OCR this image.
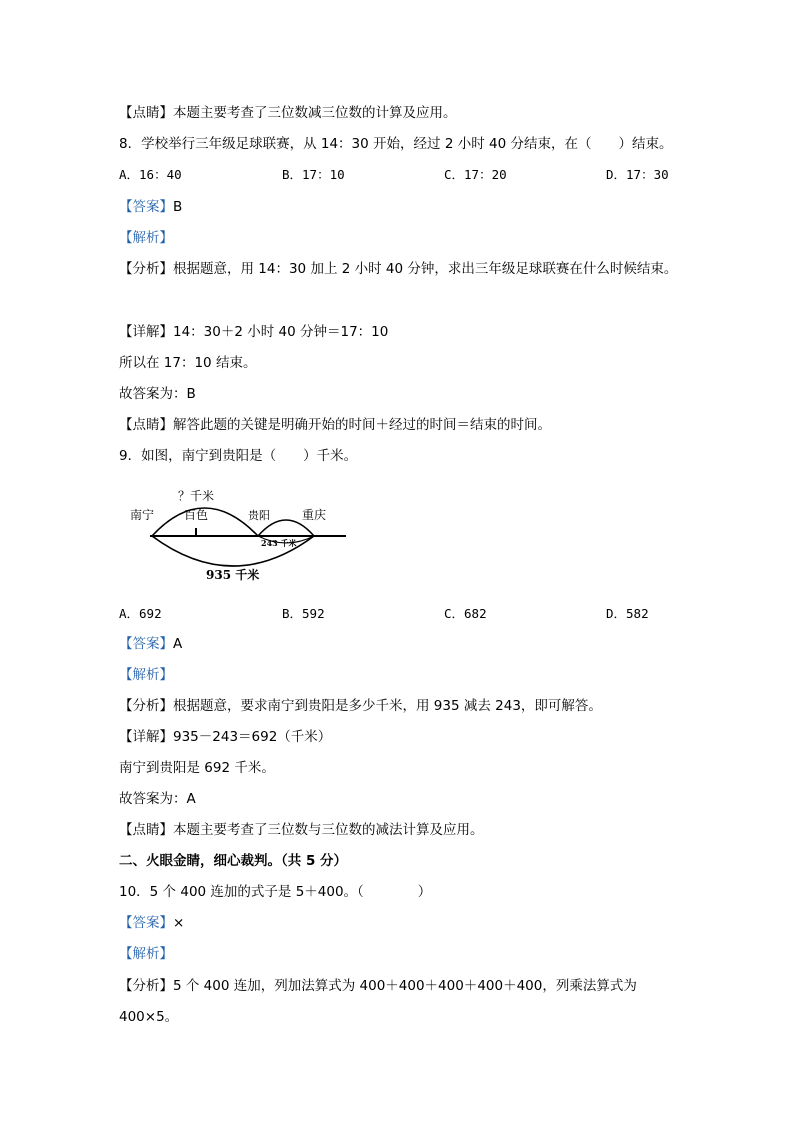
【点睛】本题主要考查了三位数减三位数的计算及应用。
8．学校举行三年级足球联赛，从 14：30 开始，经过 2 小时 40 分结束，在（　　）结束。
A．16：40	B．17：10	C．17：20	D．17：30
【答案】B
【解析】
【分析】根据题意，用 14：30 加上 2 小时 40 分钟，求出三年级足球联赛在什么时候结束。
【详解】14：30＋2 小时 40 分钟＝17：10
所以在 17：10 结束。
故答案为：B
【点睛】解答此题的关键是明确开始的时间＋经过的时间＝结束的时间。
9．如图，南宁到贵阳是（　　）千米。
南宁 百色	贵阳	重庆
？千米
243 千米
935 千米
A．692	B．592	C．682	D．582
【答案】A
【解析】
【分析】根据题意，要求南宁到贵阳是多少千米，用 935 减去 243，即可解答。
【详解】935－243＝692（千米）
南宁到贵阳是 692 千米。
故答案为：A
【点睛】本题主要考查了三位数与三位数的减法计算及应用。
二、火眼金睛，细心裁判。（共 5 分）
10．5 个 400 连加的式子是 5＋400。（　　　　）
【答案】×
【解析】
【分析】5 个 400 连加，列加法算式为 400＋400＋400＋400＋400，列乘法算式为
400×5。
